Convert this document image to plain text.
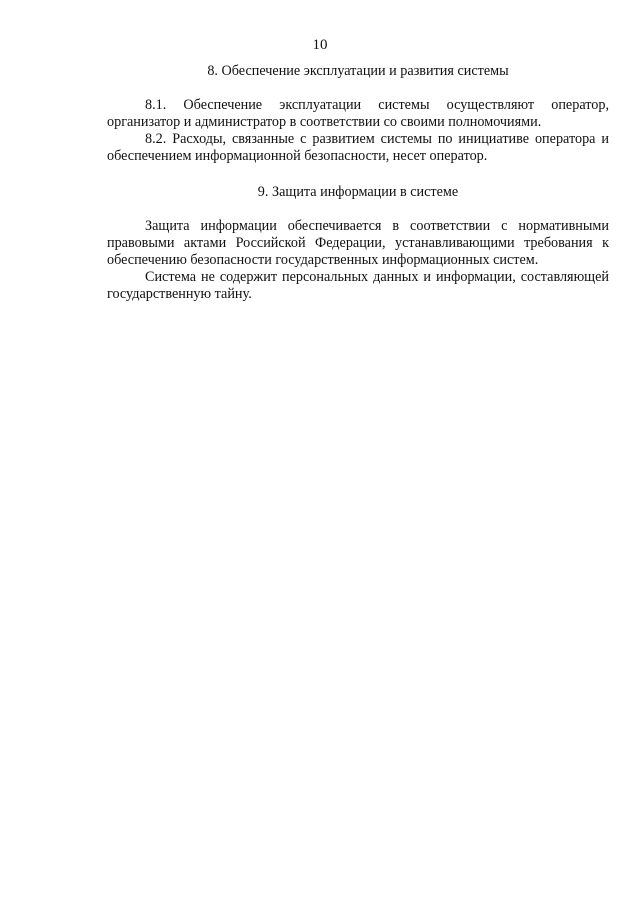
10
8. Обеспечение эксплуатации и развития системы

8.1. Обеспечение эксплуатации системы осуществляют оператор, организатор и администратор в соответствии со своими полномочиями.

8.2. Расходы, связанные с развитием системы по инициативе оператора и обеспечением информационной безопасности, несет оператор.

9. Защита информации в системе

Защита информации обеспечивается в соответствии с нормативными правовыми актами Российской Федерации, устанавливающими требования к обеспечению безопасности государственных информационных систем.

Система не содержит персональных данных и информации, составляющей государственную тайну.
